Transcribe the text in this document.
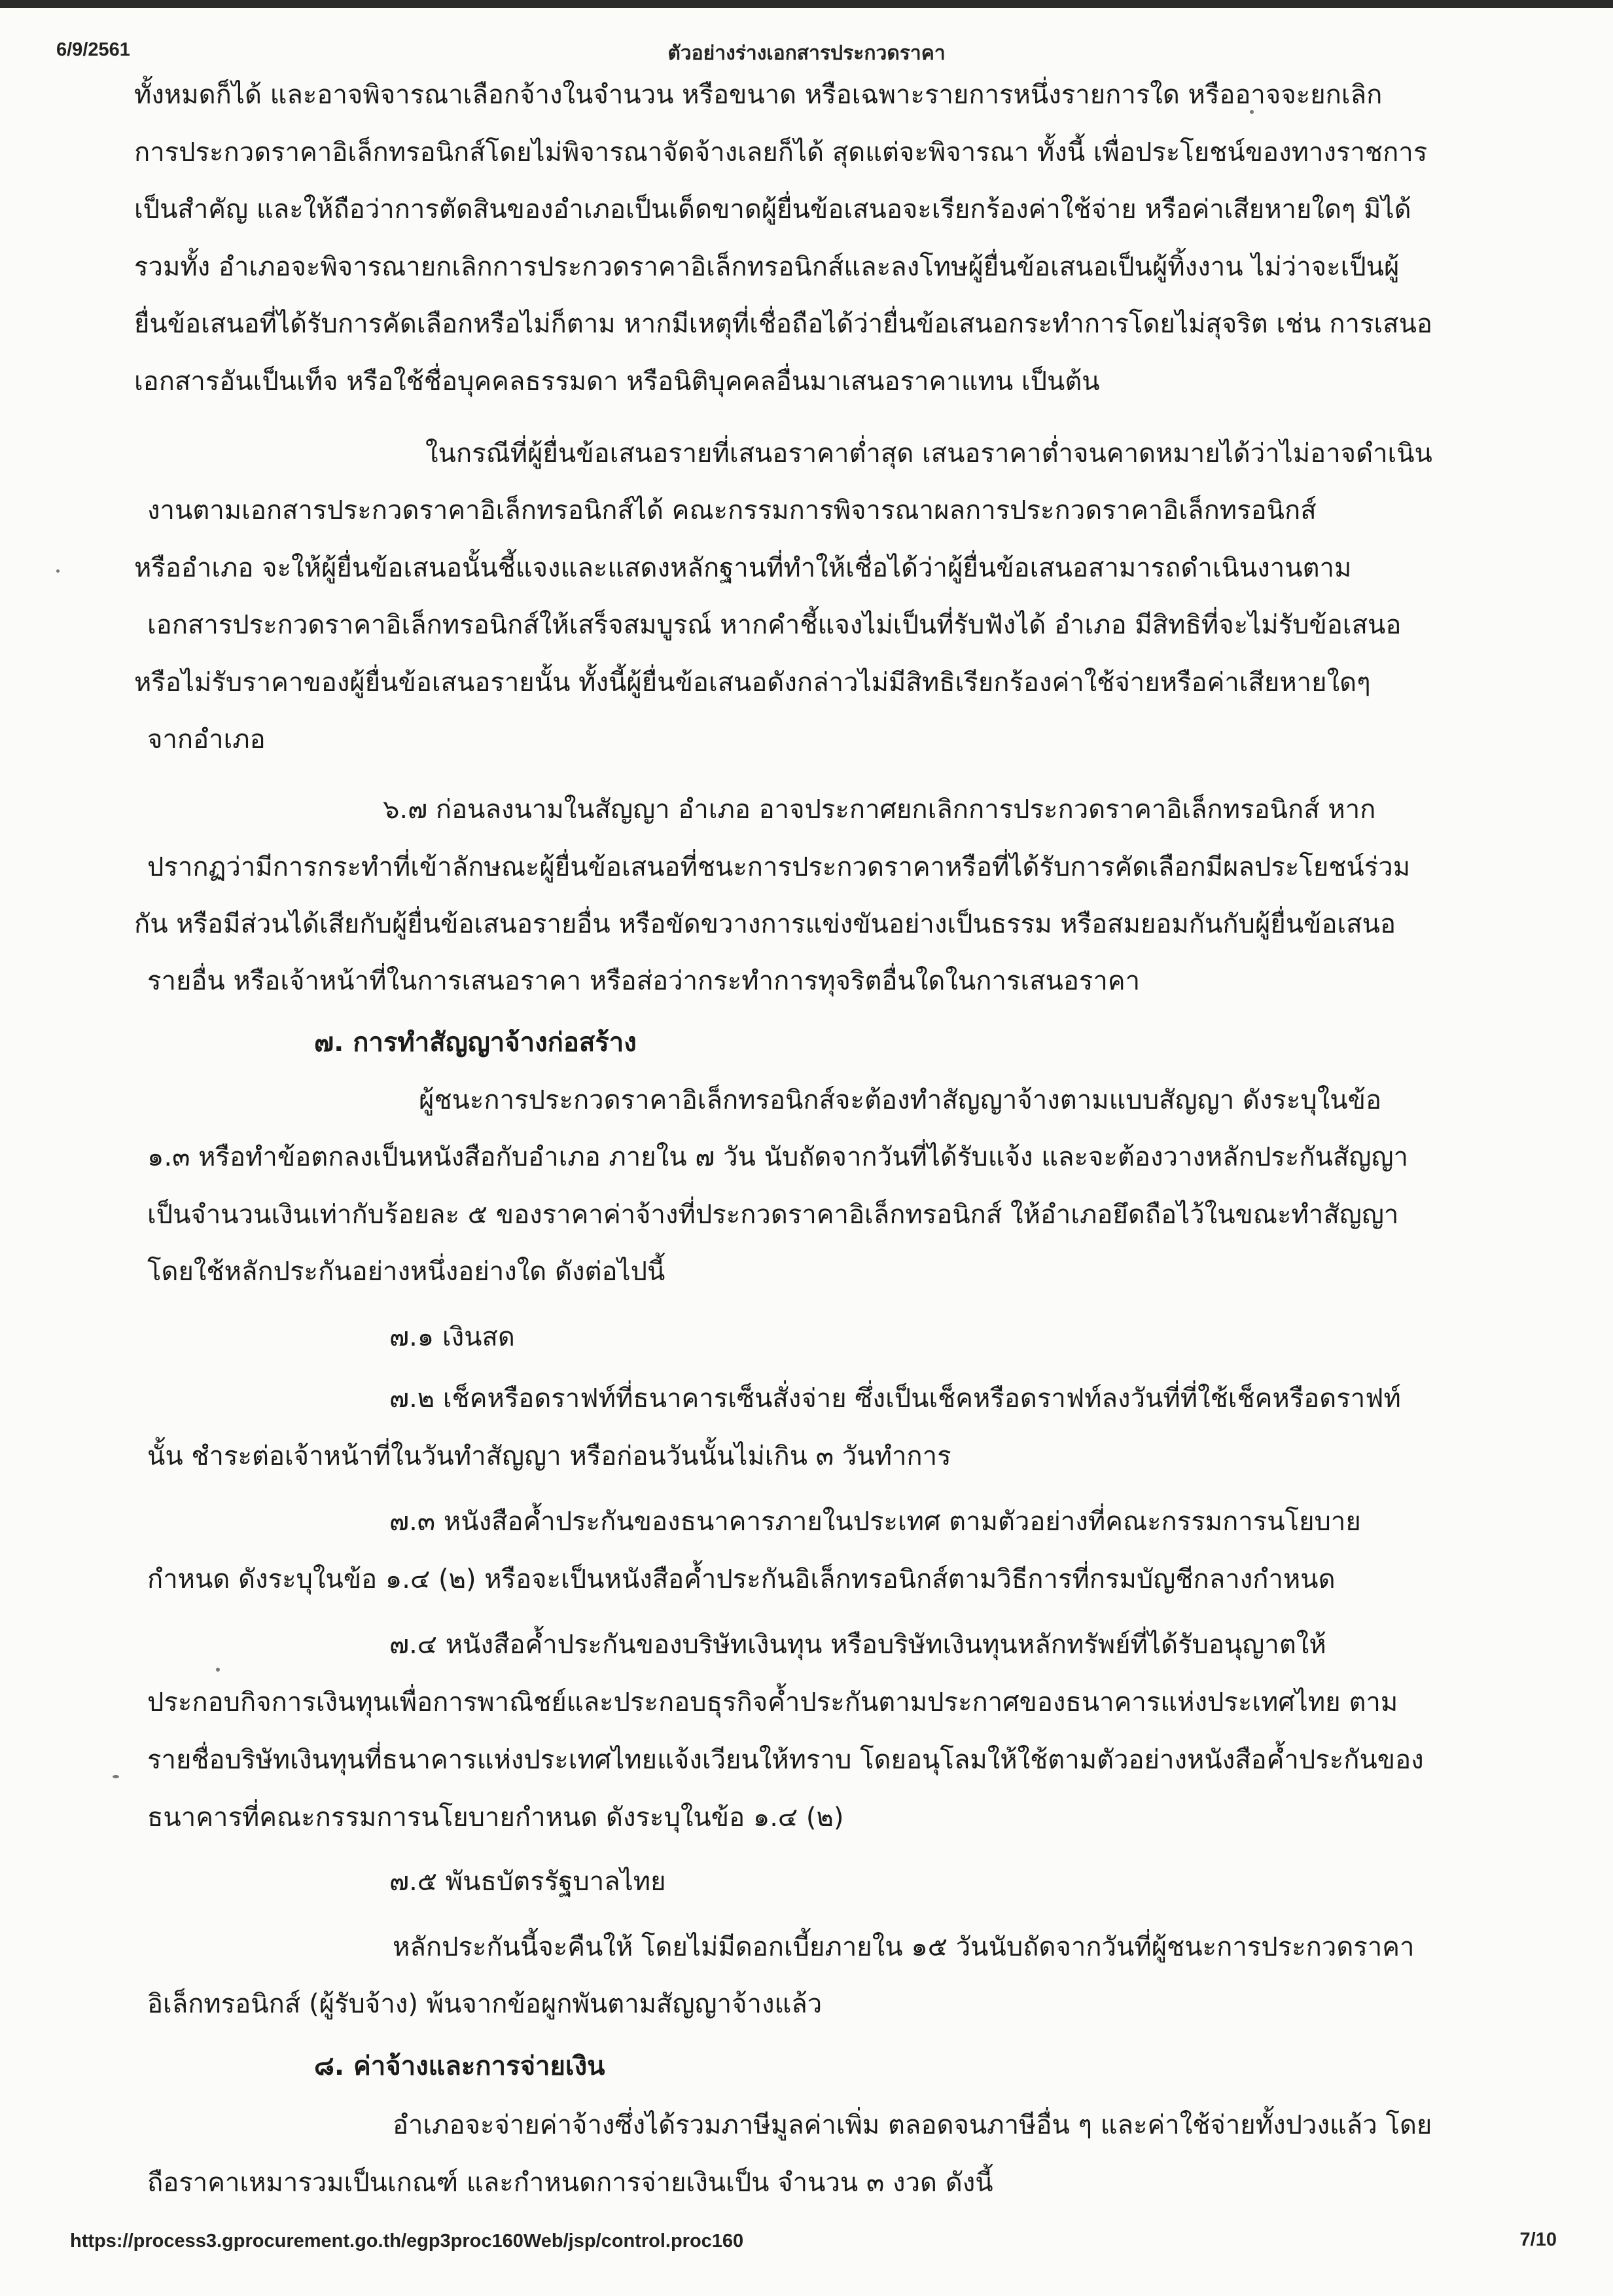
6/9/2561	ตัวอย่างร่างเอกสารประกวดราคา
ทั้งหมดก็ได้ และอาจพิจารณาเลือกจ้างในจำนวน หรือขนาด หรือเฉพาะรายการหนึ่งรายการใด หรืออาจจะยกเลิก
การประกวดราคาอิเล็กทรอนิกส์โดยไม่พิจารณาจัดจ้างเลยก็ได้ สุดแต่จะพิจารณา ทั้งนี้ เพื่อประโยชน์ของทางราชการ
เป็นสำคัญ และให้ถือว่าการตัดสินของอำเภอเป็นเด็ดขาดผู้ยื่นข้อเสนอจะเรียกร้องค่าใช้จ่าย หรือค่าเสียหายใดๆ มิได้
รวมทั้ง อำเภอจะพิจารณายกเลิกการประกวดราคาอิเล็กทรอนิกส์และลงโทษผู้ยื่นข้อเสนอเป็นผู้ทิ้งงาน ไม่ว่าจะเป็นผู้
ยื่นข้อเสนอที่ได้รับการคัดเลือกหรือไม่ก็ตาม หากมีเหตุที่เชื่อถือได้ว่ายื่นข้อเสนอกระทำการโดยไม่สุจริต เช่น การเสนอ
เอกสารอันเป็นเท็จ หรือใช้ชื่อบุคคลธรรมดา หรือนิติบุคคลอื่นมาเสนอราคาแทน เป็นต้น
ในกรณีที่ผู้ยื่นข้อเสนอรายที่เสนอราคาต่ำสุด เสนอราคาต่ำจนคาดหมายได้ว่าไม่อาจดำเนิน
งานตามเอกสารประกวดราคาอิเล็กทรอนิกส์ได้ คณะกรรมการพิจารณาผลการประกวดราคาอิเล็กทรอนิกส์
หรืออำเภอ จะให้ผู้ยื่นข้อเสนอนั้นชี้แจงและแสดงหลักฐานที่ทำให้เชื่อได้ว่าผู้ยื่นข้อเสนอสามารถดำเนินงานตาม
เอกสารประกวดราคาอิเล็กทรอนิกส์ให้เสร็จสมบูรณ์ หากคำชี้แจงไม่เป็นที่รับฟังได้ อำเภอ มีสิทธิที่จะไม่รับข้อเสนอ
หรือไม่รับราคาของผู้ยื่นข้อเสนอรายนั้น ทั้งนี้ผู้ยื่นข้อเสนอดังกล่าวไม่มีสิทธิเรียกร้องค่าใช้จ่ายหรือค่าเสียหายใดๆ
จากอำเภอ
๖.๗ ก่อนลงนามในสัญญา อำเภอ อาจประกาศยกเลิกการประกวดราคาอิเล็กทรอนิกส์ หาก
ปรากฏว่ามีการกระทำที่เข้าลักษณะผู้ยื่นข้อเสนอที่ชนะการประกวดราคาหรือที่ได้รับการคัดเลือกมีผลประโยชน์ร่วม
กัน หรือมีส่วนได้เสียกับผู้ยื่นข้อเสนอรายอื่น หรือขัดขวางการแข่งขันอย่างเป็นธรรม หรือสมยอมกันกับผู้ยื่นข้อเสนอ
รายอื่น หรือเจ้าหน้าที่ในการเสนอราคา หรือส่อว่ากระทำการทุจริตอื่นใดในการเสนอราคา
๗. การทำสัญญาจ้างก่อสร้าง
ผู้ชนะการประกวดราคาอิเล็กทรอนิกส์จะต้องทำสัญญาจ้างตามแบบสัญญา ดังระบุในข้อ
๑.๓ หรือทำข้อตกลงเป็นหนังสือกับอำเภอ ภายใน ๗ วัน นับถัดจากวันที่ได้รับแจ้ง และจะต้องวางหลักประกันสัญญา
เป็นจำนวนเงินเท่ากับร้อยละ ๕ ของราคาค่าจ้างที่ประกวดราคาอิเล็กทรอนิกส์ ให้อำเภอยึดถือไว้ในขณะทำสัญญา
โดยใช้หลักประกันอย่างหนึ่งอย่างใด ดังต่อไปนี้
๗.๑ เงินสด
๗.๒ เช็คหรือดราฟท์ที่ธนาคารเซ็นสั่งจ่าย ซึ่งเป็นเช็คหรือดราฟท์ลงวันที่ที่ใช้เช็คหรือดราฟท์
นั้น ชำระต่อเจ้าหน้าที่ในวันทำสัญญา หรือก่อนวันนั้นไม่เกิน ๓ วันทำการ
๗.๓ หนังสือค้ำประกันของธนาคารภายในประเทศ ตามตัวอย่างที่คณะกรรมการนโยบาย
กำหนด ดังระบุในข้อ ๑.๔ (๒) หรือจะเป็นหนังสือค้ำประกันอิเล็กทรอนิกส์ตามวิธีการที่กรมบัญชีกลางกำหนด
๗.๔ หนังสือค้ำประกันของบริษัทเงินทุน หรือบริษัทเงินทุนหลักทรัพย์ที่ได้รับอนุญาตให้
ประกอบกิจการเงินทุนเพื่อการพาณิชย์และประกอบธุรกิจค้ำประกันตามประกาศของธนาคารแห่งประเทศไทย ตาม
รายชื่อบริษัทเงินทุนที่ธนาคารแห่งประเทศไทยแจ้งเวียนให้ทราบ โดยอนุโลมให้ใช้ตามตัวอย่างหนังสือค้ำประกันของ
ธนาคารที่คณะกรรมการนโยบายกำหนด ดังระบุในข้อ ๑.๔ (๒)
๗.๕ พันธบัตรรัฐบาลไทย
หลักประกันนี้จะคืนให้ โดยไม่มีดอกเบี้ยภายใน ๑๕ วันนับถัดจากวันที่ผู้ชนะการประกวดราคา
อิเล็กทรอนิกส์ (ผู้รับจ้าง) พ้นจากข้อผูกพันตามสัญญาจ้างแล้ว
๘. ค่าจ้างและการจ่ายเงิน
อำเภอจะจ่ายค่าจ้างซึ่งได้รวมภาษีมูลค่าเพิ่ม ตลอดจนภาษีอื่น ๆ และค่าใช้จ่ายทั้งปวงแล้ว โดย
ถือราคาเหมารวมเป็นเกณฑ์ และกำหนดการจ่ายเงินเป็น จำนวน ๓ งวด ดังนี้
https://process3.gprocurement.go.th/egp3proc160Web/jsp/control.proc160	7/10
